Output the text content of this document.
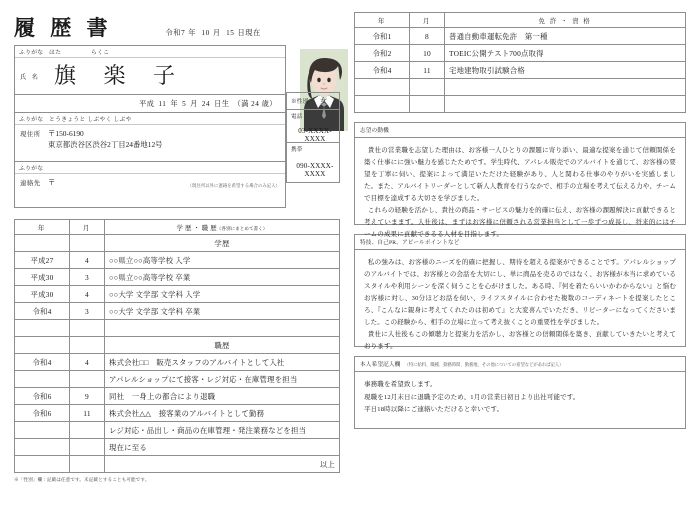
履 歴 書	令和7 年 10 月 15 日現在
ふりがな はた	らくこ
氏 名 旗 楽 子
平成 11 年 5 月 24 日生 （満 24 歳）
ふりがな とうきょうと しぶやく しぶや
現住所 〒150-6190
東京都渋谷区渋谷2丁目24番地12号
ふりがな
連絡先 〒	（現住所以外に連絡を希望する場合のみ記入）
※性別	女
電話
03-XXXX-XXXX
携帯
090-XXXX-XXXX
年	月	学 歴 ・ 職 歴（各別にまとめて書く）
		学歴
平成27	4	○○県立○○高等学校 入学
平成30	3	○○県立○○高等学校 卒業
平成30	4	○○大学 文学部 文学科 入学
令和4	3	○○大学 文学部 文学科 卒業

		職歴
令和4	4	株式会社□□　販売スタッフのアルバイトとして入社
		アパレルショップにて接客・レジ対応・在庫管理を担当
令和6	9	同社　一身上の都合により退職
令和6	11	株式会社△△　接客業のアルバイトとして勤務
		レジ対応・品出し・商品の在庫管理・発注業務などを担当
		現在に至る
		以上
※「性別」欄：記載は任意です。未記載とすることも可能です。
年	月	免 許 ・ 資 格
令和1	8	普通自動車運転免許　第一種
令和2	10	TOEIC公開テスト700点取得
令和4	11	宅地建物取引試験合格

志望の動機

貴社の営業職を志望した理由は、お客様一人ひとりの課題に寄り添い、最適な提案を通じて信頼関係を築く仕事にに強い魅力を感じたためです。学生時代、アパレル販売でのアルバイトを通じて、お客様の要望を丁寧に伺い、提案によって満足いただけた経験があり、人と関わる仕事のやりがいを実感しました。また、アルバイトリーダーとして新人人教育を行うなかで、相手の立場を考えて伝える力や、チームで目標を達成する大切さを学びました。

これらの経験を活かし、貴社の商品・サービスの魅力を的確に伝え、お客様の課題解決に貢献できると考えていまます。入社後は、まずはお客様に信頼される営業担当として一歩ずつ成長し、将来的にはチームの成果に貢献できるる人材を目指します。

特技、自己PR、アピールポイントなど

私の強みは、お客様のニーズを的確に把握し、期待を超える提案ができることです。アパレルショップのアルバイトでは、お客様との会話を大切にし、単に商品を売るのではなく、お客様が本当に求めているスタイルや利用シーンを深く伺うことを心がけました。ある時、『何を着たらいいかわからない』と悩むお客様に対し、30分ほどお話を伺い、ライフスタイルに合わせた複数のコーディネートを提案したところ、『こんなに親身に考えてくれたのは初めて』と大変喜んでいただき、リピーターになってくださいました。この経験から、相手の立場に立って考え抜くことの重要性を学びました。

貴社に入社後もこの傾聴力と提案力を活かし、お客様との信頼関係を築き、貢献していきたいと考えております。

本人希望記入欄 （特に給料、職種、勤務時間、勤務地、その他についての希望などがあれば記入）

事務職を希望致します。

現職を12月末日に退職予定のため、1月の営業日初日より出社可能です。

平日18時以降にご連絡いただけると幸いです。
